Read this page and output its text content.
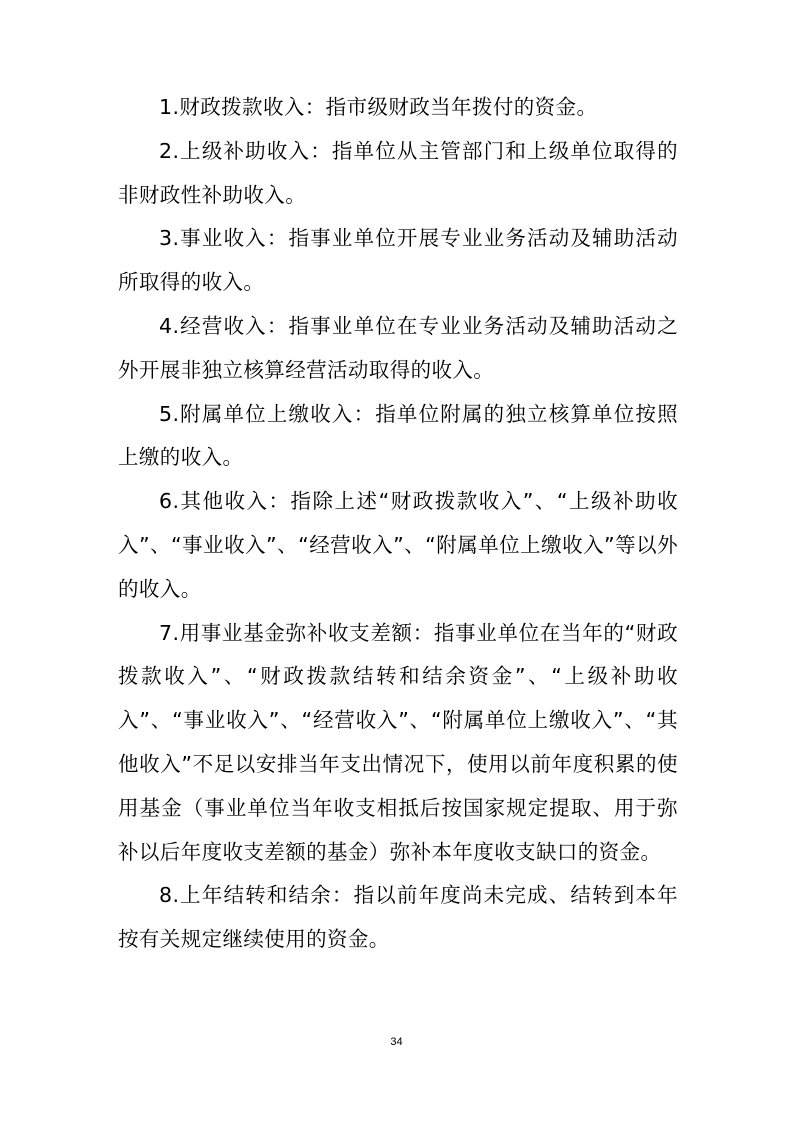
1.财政拨款收入：指市级财政当年拨付的资金。

2.上级补助收入：指单位从主管部门和上级单位取得的非财政性补助收入。

3.事业收入：指事业单位开展专业业务活动及辅助活动所取得的收入。

4.经营收入：指事业单位在专业业务活动及辅助活动之外开展非独立核算经营活动取得的收入。

5.附属单位上缴收入：指单位附属的独立核算单位按照上缴的收入。

6.其他收入：指除上述“财政拨款收入”、“上级补助收入”、“事业收入”、“经营收入”、“附属单位上缴收入”等以外的收入。

7.用事业基金弥补收支差额：指事业单位在当年的“财政拨款收入”、“财政拨款结转和结余资金”、“上级补助收入”、“事业收入”、“经营收入”、“附属单位上缴收入”、“其他收入”不足以安排当年支出情况下，使用以前年度积累的使用基金（事业单位当年收支相抵后按国家规定提取、用于弥补以后年度收支差额的基金）弥补本年度收支缺口的资金。

8.上年结转和结余：指以前年度尚未完成、结转到本年按有关规定继续使用的资金。

34
